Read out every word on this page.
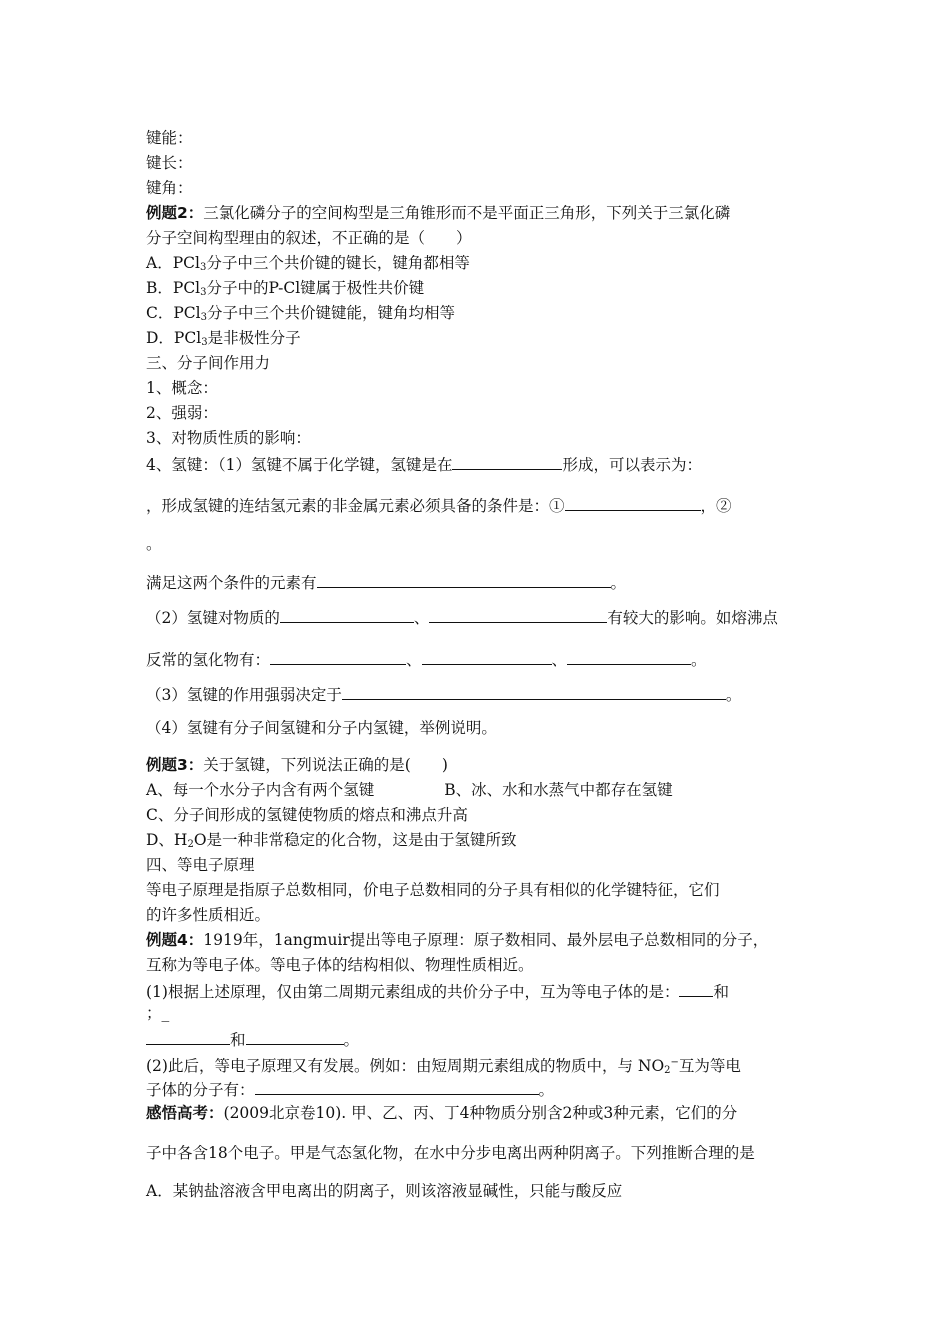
键能：
键长：
键角：
例题2：三氯化磷分子的空间构型是三角锥形而不是平面正三角形，下列关于三氯化磷
分子空间构型理由的叙述，不正确的是（　　）
A．PCl$_3$分子中三个共价键的键长，键角都相等
B．PCl$_3$分子中的P-Cl键属于极性共价键
C．PCl$_3$分子中三个共价键键能，键角均相等
D．PCl$_3$是非极性分子
三、分子间作用力
1、概念：
2、强弱：
3、对物质性质的影响：
4、氢键：（1）氢键不属于化学键，氢键是在	形成，可以表示为：
，形成氢键的连结氢元素的非金属元素必须具备的条件是：①	，②
。
满足这两个条件的元素有	。
（2）氢键对物质的	、	有较大的影响。如熔沸点
反常的氢化物有：	、	、	。
（3）氢键的作用强弱决定于	。
（4）氢键有分子间氢键和分子内氢键，举例说明。
例题3：关于氢键，下列说法正确的是(　　)
A、每一个水分子内含有两个氢键	B、冰、水和水蒸气中都存在氢键
C、分子间形成的氢键使物质的熔点和沸点升高
D、$H_2O$是一种非常稳定的化合物，这是由于氢键所致
四、等电子原理
等电子原理是指原子总数相同，价电子总数相同的分子具有相似的化学键特征，它们
的许多性质相近。
例题4：1919年，1angmuir提出等电子原理：原子数相同、最外层电子总数相同的分子，
互称为等电子体。等电子体的结构相似、物理性质相近。
(1)根据上述原理，仅由第二周期元素组成的共价分子中，互为等电子体的是： 和
；_
和	。
(2)此后，等电子原理又有发展。例如：由短周期元素组成的物质中，与 $NO_2^-$互为等电
子体的分子有：	。
感悟高考：(2009北京卷10). 甲、乙、丙、丁4种物质分别含2种或3种元素，它们的分
子中各含18个电子。甲是气态氢化物，在水中分步电离出两种阴离子。下列推断合理的是
A．某钠盐溶液含甲电离出的阴离子，则该溶液显碱性，只能与酸反应
